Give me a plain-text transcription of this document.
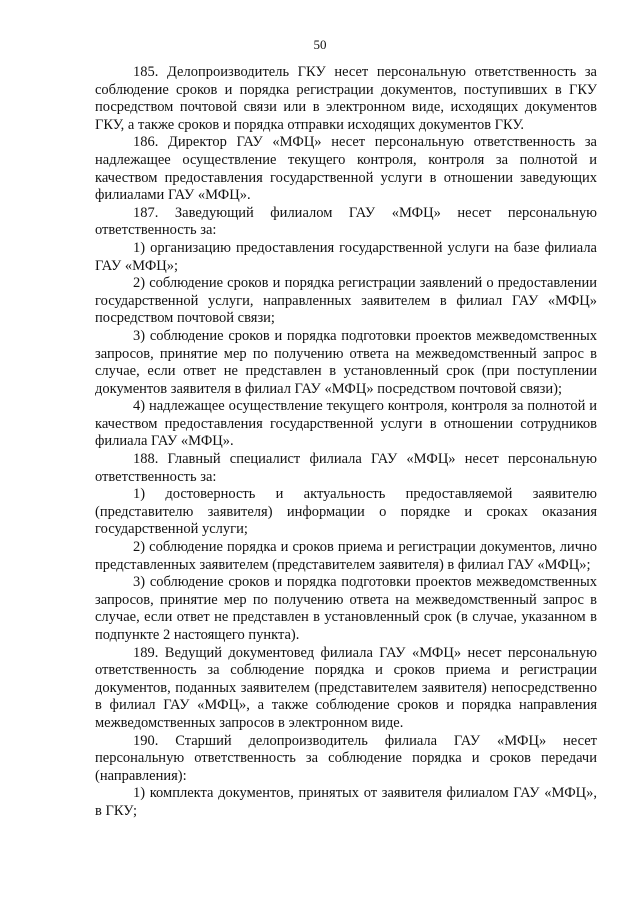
50

185. Делопроизводитель ГКУ несет персональную ответственность за соблюдение сроков и порядка регистрации документов, поступивших в ГКУ посредством почтовой связи или в электронном виде, исходящих документов ГКУ, а также сроков и порядка отправки исходящих документов ГКУ.

186. Директор ГАУ «МФЦ» несет персональную ответственность за надлежащее осуществление текущего контроля, контроля за полнотой и качеством предоставления государственной услуги в отношении заведующих филиалами ГАУ «МФЦ».

187. Заведующий филиалом ГАУ «МФЦ» несет персональную ответственность за:

1) организацию предоставления государственной услуги на базе филиала ГАУ «МФЦ»;

2) соблюдение сроков и порядка регистрации заявлений о предоставлении государственной услуги, направленных заявителем в филиал ГАУ «МФЦ» посредством почтовой связи;

3) соблюдение сроков и порядка подготовки проектов межведомственных запросов, принятие мер по получению ответа на межведомственный запрос в случае, если ответ не представлен в установленный срок (при поступлении документов заявителя в филиал ГАУ «МФЦ» посредством почтовой связи);

4) надлежащее осуществление текущего контроля, контроля за полнотой и качеством предоставления государственной услуги в отношении сотрудников филиала ГАУ «МФЦ».

188. Главный специалист филиала ГАУ «МФЦ» несет персональную ответственность за:

1) достоверность и актуальность предоставляемой заявителю (представителю заявителя) информации о порядке и сроках оказания государственной услуги;

2) соблюдение порядка и сроков приема и регистрации документов, лично представленных заявителем (представителем заявителя) в филиал ГАУ «МФЦ»;

3) соблюдение сроков и порядка подготовки проектов межведомственных запросов, принятие мер по получению ответа на межведомственный запрос в случае, если ответ не представлен в установленный срок (в случае, указанном в подпункте 2 настоящего пункта).

189. Ведущий документовед филиала ГАУ «МФЦ» несет персональную ответственность за соблюдение порядка и сроков приема и регистрации документов, поданных заявителем (представителем заявителя) непосредственно в филиал ГАУ «МФЦ», а также соблюдение сроков и порядка направления межведомственных запросов в электронном виде.

190. Старший делопроизводитель филиала ГАУ «МФЦ» несет персональную ответственность за соблюдение порядка и сроков передачи (направления):

1) комплекта документов, принятых от заявителя филиалом ГАУ «МФЦ», в ГКУ;
